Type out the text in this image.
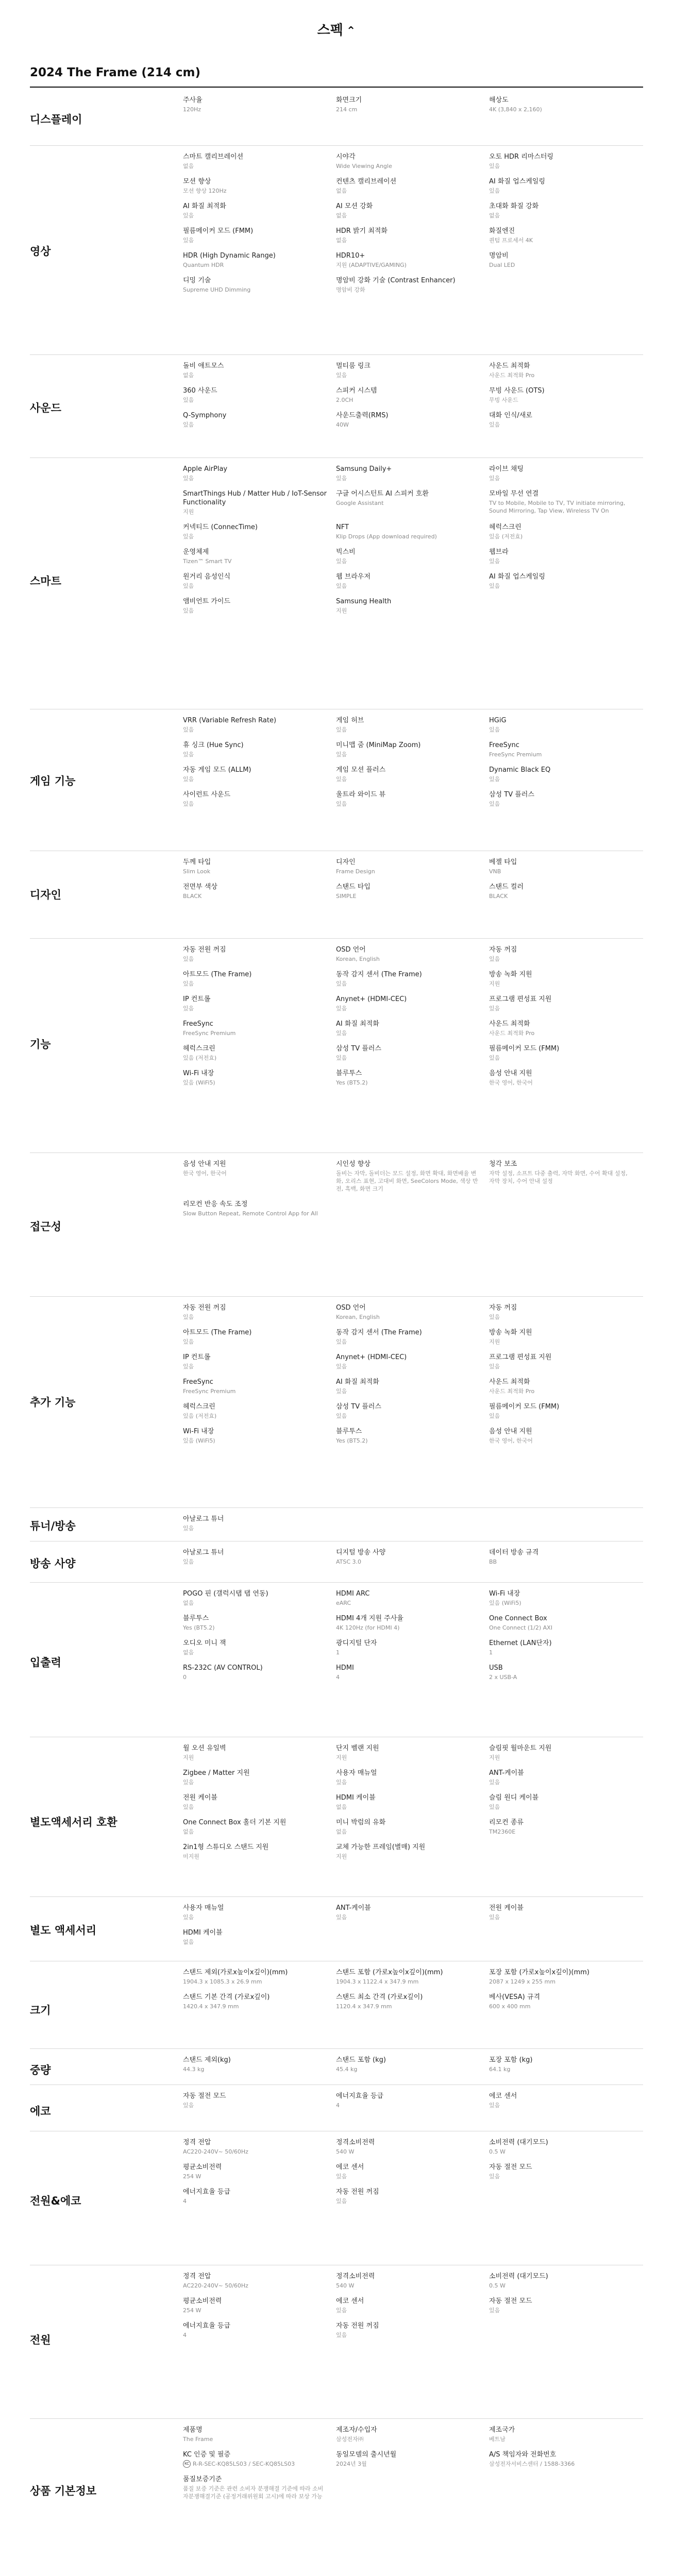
스펙 ⌃
2024 The Frame (214 cm)
디스플레이
주사율
120Hz
화면크기
214 cm
해상도
4K (3,840 x 2,160)
영상
스마트 캘리브레이션
없음
시야각
Wide Viewing Angle
오토 HDR 리마스터링
있음
모션 향상
모션 향상 120Hz
컨텐츠 캘리브레이션
없음
AI 화질 업스케일링
있음
AI 화질 최적화
있음
AI 모션 강화
없음
초대화 화질 강화
없음
필름메이커 모드 (FMM)
있음
HDR 밝기 최적화
없음
화질엔진
퀀텀 프로세서 4K
HDR (High Dynamic Range)
Quantum HDR
HDR10+
지원 (ADAPTIVE/GAMING)
명암비
Dual LED
디밍 기술
Supreme UHD Dimming
명암비 강화 기술 (Contrast Enhancer)
명암비 강화
사운드
돌비 애트모스
없음
멀티룸 링크
있음
사운드 최적화
사운드 최적화 Pro
360 사운드
있음
스피커 시스템
2.0CH
무빙 사운드 (OTS)
무빙 사운드
Q-Symphony
있음
사운드출력(RMS)
40W
대화 인식/새로
있음
스마트
Apple AirPlay
있음
Samsung Daily+
있음
라이브 채팅
있음
SmartThings Hub / Matter Hub / IoT-Sensor Functionality
지원
구글 어시스턴트 AI 스피커 호환
Google Assistant
모바일 무선 연결
TV to Mobile, Mobile to TV, TV initiate mirroring, Sound Mirroring, Tap View, Wireless TV On
커넥티드 (ConnecTime)
있음
NFT
Klip Drops (App download required)
헤럭스크린
있음 (저전효)
운영체제
Tizen™ Smart TV
빅스비
있음
웹브라
있음
원거리 음성인식
있음
웹 브라우저
있음
AI 화질 업스케일링
있음
앰비언트 가이드
있음
Samsung Health
지원
게임 기능
VRR (Variable Refresh Rate)
있음
게임 허브
있음
HGiG
있음
휴 싱크 (Hue Sync)
있음
미니맵 줌 (MiniMap Zoom)
있음
FreeSync
FreeSync Premium
자동 게임 모드 (ALLM)
있음
게임 모션 플러스
있음
Dynamic Black EQ
있음
사이런트 사운드
있음
울트라 와이드 뷰
있음
삼성 TV 플러스
있음
디자인
두께 타입
Slim Look
디자인
Frame Design
베젤 타입
VNB
전면부 색상
BLACK
스탠드 타입
SIMPLE
스탠드 컬러
BLACK
기능
자동 전원 꺼짐
있음
OSD 언어
Korean, English
자동 꺼짐
있음
아트모드 (The Frame)
있음
동작 감지 센서 (The Frame)
있음
방송 녹화 지원
지원
IP 컨트롤
있음
Anynet+ (HDMI-CEC)
있음
프로그램 편성표 지원
있음
FreeSync
FreeSync Premium
AI 화질 최적화
있음
사운드 최적화
사운드 최적화 Pro
헤럭스크린
있음 (저전효)
삼성 TV 플러스
있음
필름메이커 모드 (FMM)
있음
Wi-Fi 내장
있음 (WiFi5)
블루투스
Yes (BT5.2)
음성 안내 지원
한국 영어, 한국어
접근성
음성 안내 지원
한국 영어, 한국어
시인성 향상
돌비는 자막, 돌비더는 모드 설정, 화면 확대, 화면배율 변화, 오리스 표현, 고대비 화면, SeeColors Mode, 색상 반전, 흑백, 화면 크기
청각 보조
자막 설정, 소프트 다중 출력, 자막 화면, 수어 확대 설정, 자막 장치, 수어 안내 설정
리모컨 반응 속도 조정
Slow Button Repeat, Remote Control App for All
추가 기능
자동 전원 꺼짐
있음
OSD 언어
Korean, English
자동 꺼짐
있음
아트모드 (The Frame)
있음
동작 감지 센서 (The Frame)
있음
방송 녹화 지원
지원
IP 컨트롤
있음
Anynet+ (HDMI-CEC)
있음
프로그램 편성표 지원
있음
FreeSync
FreeSync Premium
AI 화질 최적화
있음
사운드 최적화
사운드 최적화 Pro
헤럭스크린
있음 (저전효)
삼성 TV 플러스
있음
필름메이커 모드 (FMM)
있음
Wi-Fi 내장
있음 (WiFi5)
블루투스
Yes (BT5.2)
음성 안내 지원
한국 영어, 한국어
튜너/방송
아날로그 튜너
있음
방송 사양
아날로그 튜너
있음
디지털 방송 사양
ATSC 3.0
데이터 방송 규격
BB
입출력
POGO 핀 (갤럭시탭 탭 연동)
없음
HDMI ARC
eARC
Wi-Fi 내장
있음 (WiFi5)
블루투스
Yes (BT5.2)
HDMI 4개 지원 주사율
4K 120Hz (for HDMI 4)
One Connect Box
One Connect (1/2) AXI
오디오 미니 잭
없음
광디지털 단자
1
Ethernet (LAN단자)
1
RS-232C (AV CONTROL)
0
HDMI
4
USB
2 x USB-A
별도액세서리 호환
월 오션 유일벽
지원
단지 벨랜 지원
지원
슬림핏 월마운트 지원
지원
Zigbee / Matter 지원
있음
사용자 매뉴얼
있음
ANT-케이블
있음
전원 케이블
있음
HDMI 케이블
없음
슬림 원디 케이블
있음
One Connect Box 홀더 기본 지원
없음
미니 박럼의 유화
없음
리모컨 종류
TM2360E
2in1형 스튜디오 스탠드 지원
미지원
교체 가능한 프레임(별매) 지원
지원
별도 액세서리
사용자 매뉴얼
있음
ANT-케이블
있음
전원 케이블
있음
HDMI 케이블
없음
크기
스탠드 제외(가로x높이x깊이)(mm)
1904.3 x 1085.3 x 26.9 mm
스탠드 포함 (가로x높이x깊이)(mm)
1904.3 x 1122.4 x 347.9 mm
포장 포함 (가로x높이x깊이)(mm)
2087 x 1249 x 255 mm
스탠드 기본 간격 (가로x깊이)
1420.4 x 347.9 mm
스탠드 최소 간격 (가로x깊이)
1120.4 x 347.9 mm
베사(VESA) 규격
600 x 400 mm
중량
스탠드 제외(kg)
44.3 kg
스탠드 포함 (kg)
45.4 kg
포장 포함 (kg)
64.1 kg
에코
자동 절전 모드
있음
에너지효율 등급
4
에코 센서
있음
전원&에코
정격 전압
AC220-240V~ 50/60Hz
정격소비전력
540 W
소비전력 (대기모드)
0.5 W
평균소비전력
254 W
에코 센서
있음
자동 절전 모드
있음
에너지효율 등급
4
자동 전원 꺼짐
있음
전원
정격 전압
AC220-240V~ 50/60Hz
정격소비전력
540 W
소비전력 (대기모드)
0.5 W
평균소비전력
254 W
에코 센서
있음
자동 절전 모드
있음
에너지효율 등급
4
자동 전원 꺼짐
있음
상품 기본정보
제품명
The Frame
제조자/수입자
삼성전자㈜
제조국가
베트남
KC 인증 및 필증
KC R-R-SEC-KQ85LS03 / SEC-KQ85LS03
동일모델의 출시년월
2024년 3월
A/S 책임자와 전화번호
삼성전자서비스센터 / 1588-3366
품질보증기준
품질 보증 기준은 관련 소비자 분쟁해결 기준에 따라 소비자분쟁해결기준 (공정거래위원회 고시)에 따라 보상 가능
